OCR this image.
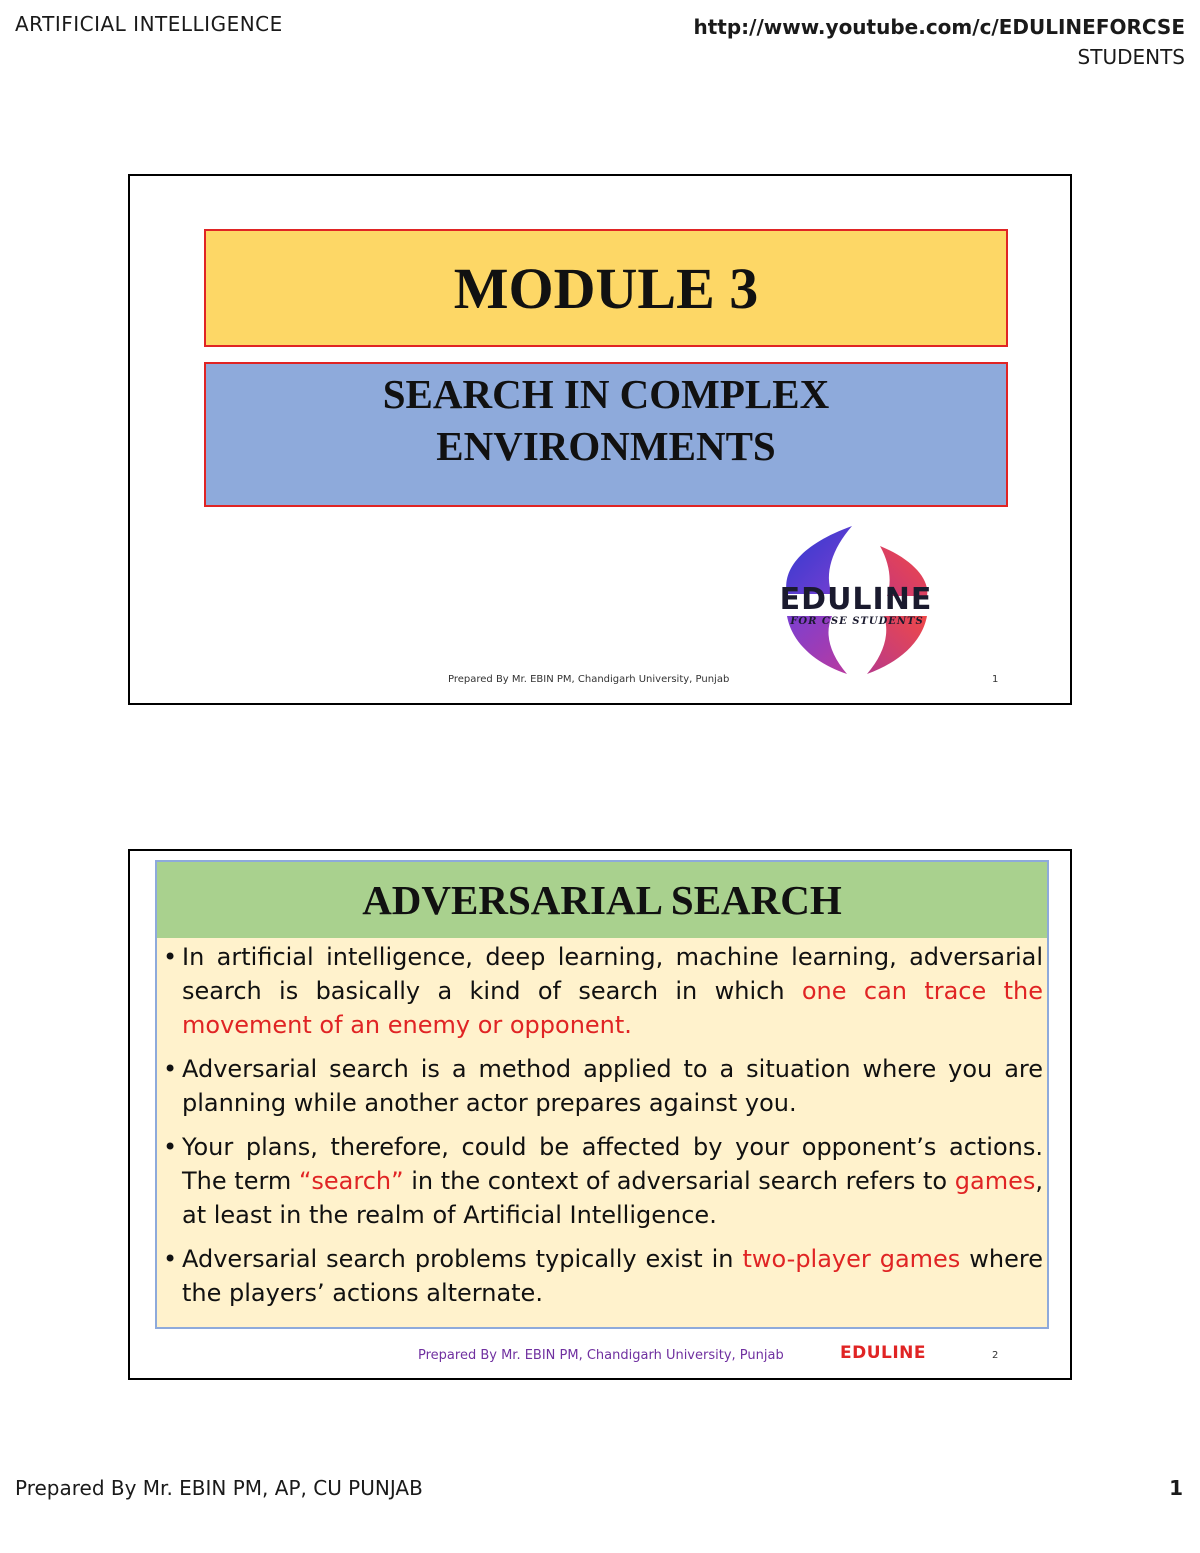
ARTIFICIAL INTELLIGENCE	http://www.youtube.com/c/EDULINEFORCSE
STUDENTS
MODULE 3
SEARCH IN COMPLEX
ENVIRONMENTS
EDULINE
FOR CSE STUDENTS
Prepared By Mr. EBIN PM, Chandigarh University, Punjab	1
ADVERSARIAL SEARCH
• In artificial intelligence, deep learning, machine learning, adversarial search is basically a kind of search in which one can trace the movement of an enemy or opponent.
• Adversarial search is a method applied to a situation where you are planning while another actor prepares against you.
• Your plans, therefore, could be affected by your opponent’s actions. The term “search” in the context of adversarial search refers to games, at least in the realm of Artificial Intelligence.
• Adversarial search problems typically exist in two-player games where the players’ actions alternate.
Prepared By Mr. EBIN PM, Chandigarh University, Punjab	EDULINE	2
Prepared By Mr. EBIN PM, AP, CU PUNJAB	1
